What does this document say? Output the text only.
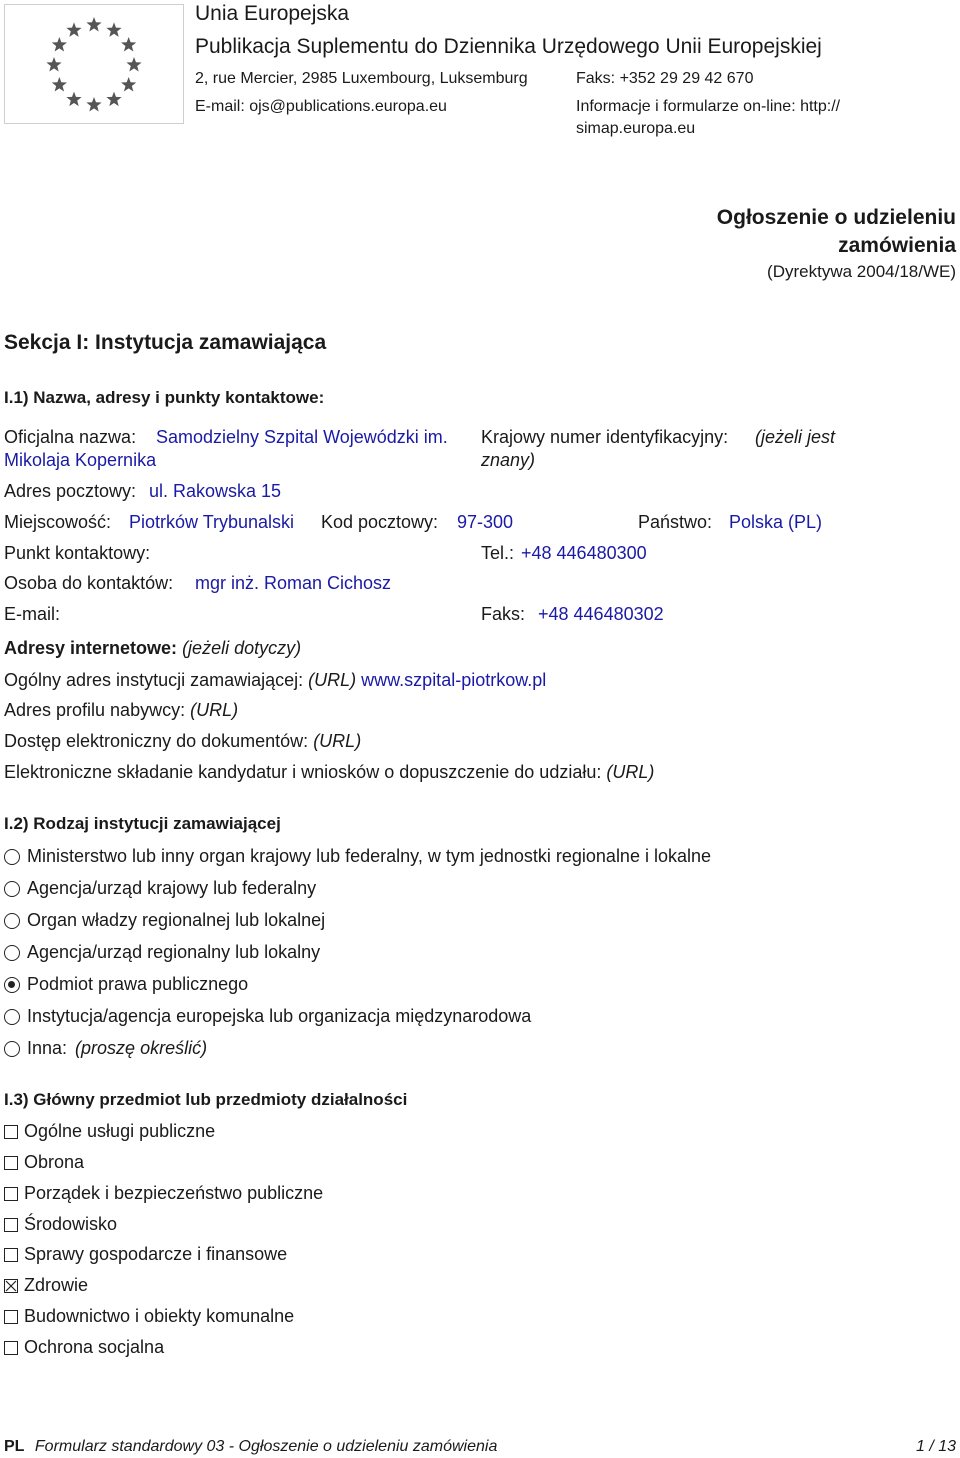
Unia Europejska
Publikacja Suplementu do Dziennika Urzędowego Unii Europejskiej
2, rue Mercier, 2985 Luxembourg, Luksemburg	Faks: +352 29 29 42 670
E-mail: ojs@publications.europa.eu	Informacje i formularze on-line: http://
simap.europa.eu
Ogłoszenie o udzieleniu zamówienia
(Dyrektywa 2004/18/WE)
Sekcja I: Instytucja zamawiająca
I.1) Nazwa, adresy i punkty kontaktowe:
Oficjalna nazwa: Samodzielny Szpital Wojewódzki im.
Mikolaja Kopernika
Krajowy numer identyfikacyjny: (jeżeli jest
znany)
Adres pocztowy: ul. Rakowska 15
Miejscowość: Piotrków Trybunalski Kod pocztowy: 97-300	Państwo: Polska (PL)
Punkt kontaktowy:	Tel.: +48 446480300
Osoba do kontaktów: mgr inż. Roman Cichosz
E-mail:	Faks: +48 446480302
Adresy internetowe: (jeżeli dotyczy)
Ogólny adres instytucji zamawiającej: (URL) www.szpital-piotrkow.pl
Adres profilu nabywcy: (URL)
Dostęp elektroniczny do dokumentów: (URL)
Elektroniczne składanie kandydatur i wniosków o dopuszczenie do udziału: (URL)
I.2) Rodzaj instytucji zamawiającej
Ministerstwo lub inny organ krajowy lub federalny, w tym jednostki regionalne i lokalne
Agencja/urząd krajowy lub federalny
Organ władzy regionalnej lub lokalnej
Agencja/urząd regionalny lub lokalny
Podmiot prawa publicznego
Instytucja/agencja europejska lub organizacja międzynarodowa
Inna: (proszę określić)
I.3) Główny przedmiot lub przedmioty działalności
Ogólne usługi publiczne
Obrona
Porządek i bezpieczeństwo publiczne
Środowisko
Sprawy gospodarcze i finansowe
Zdrowie
Budownictwo i obiekty komunalne
Ochrona socjalna
PL Formularz standardowy 03 - Ogłoszenie o udzieleniu zamówienia	1 / 13
